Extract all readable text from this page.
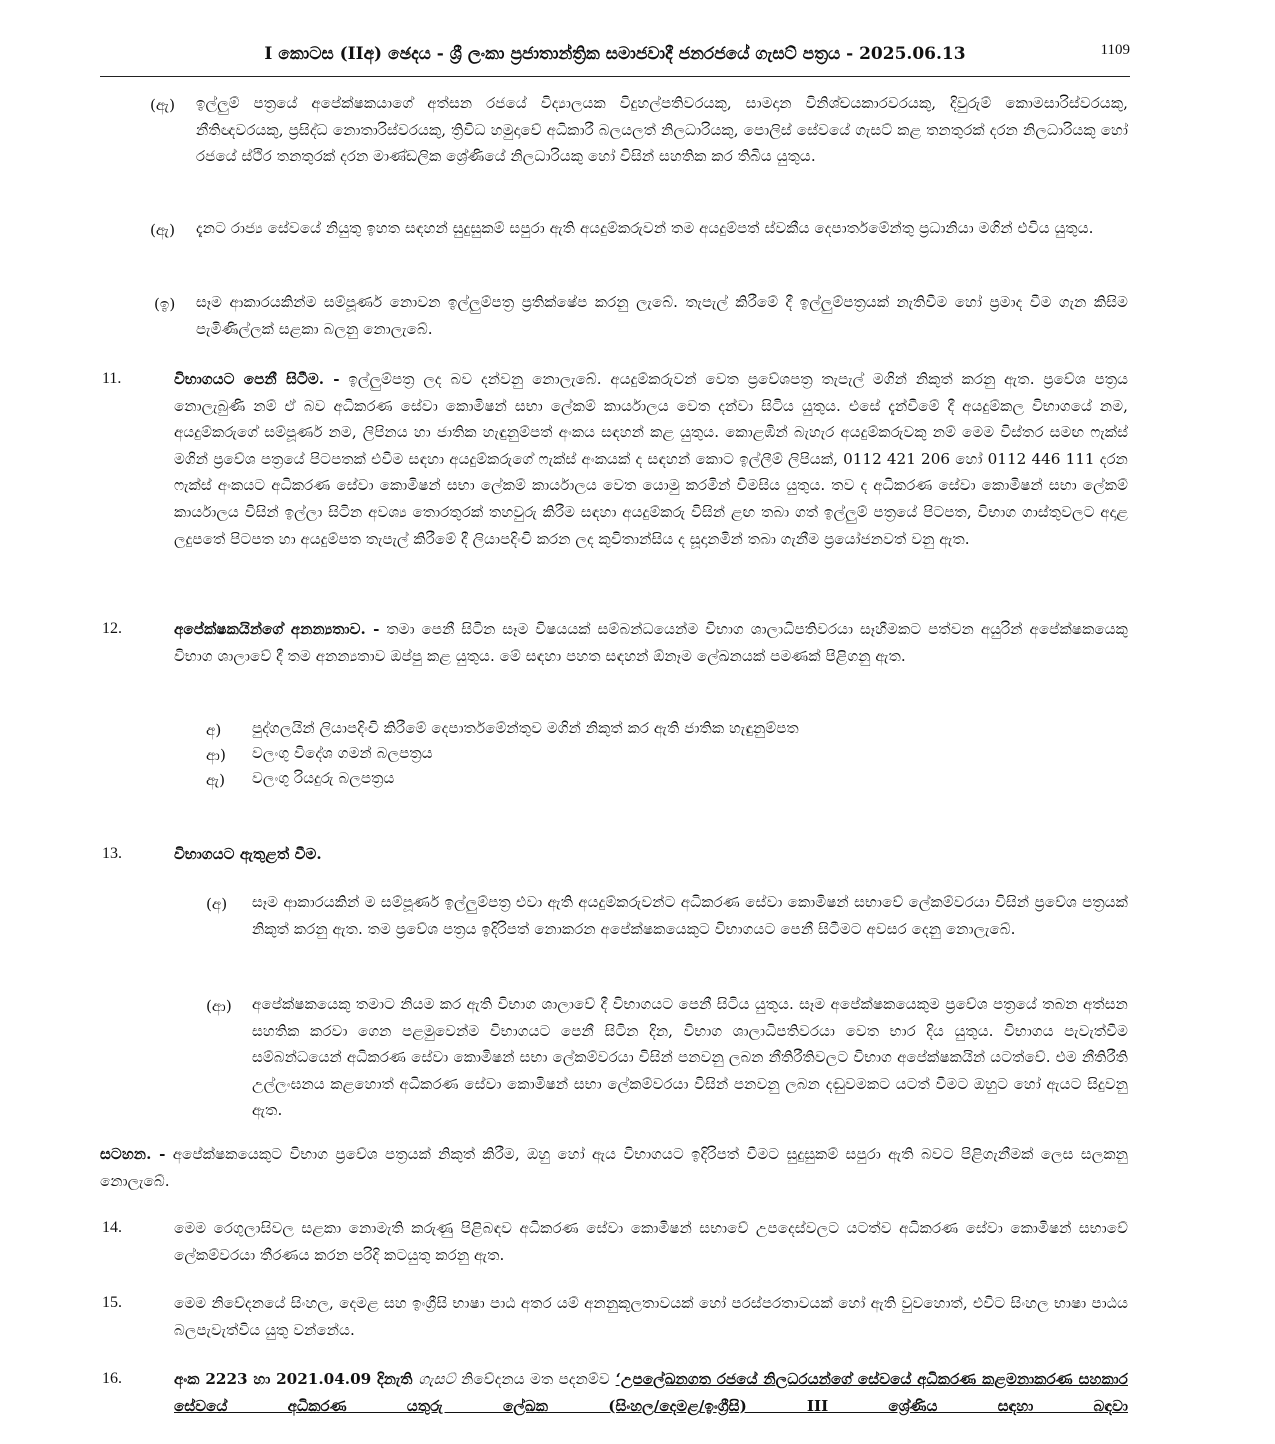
I කොටස (IIඅ) ඡෙදය - ශ්‍රී ලංකා ප්‍රජාතාන්ත්‍රික සමාජවාදී ජනරජයේ ගැසට් පත්‍රය - 2025.06.13	1109
(ඇ) ඉල්ලුම් පත්‍රයේ අපේක්ෂකයාගේ අත්සන රජයේ විද්‍යාලයක විදුහල්පතිවරයකු, සාමදාන විනිශ්චයකාරවරයකු, දිවුරුම් කොමසාරිස්වරයකු, නීතිඥවරයකු, ප්‍රසිද්ධ නොතාරිස්වරයකු, ත්‍රිවිධ හමුදාවේ අධිකාරී බලයලත් නිලධාරියකු, පොලිස් සේවයේ ගැසට් කළ තනතුරක් දරන නිලධාරියකු හෝ රජයේ ස්ථිර තනතුරක් දරන මාණ්ඩලික ශ්‍රේණියේ නිලධාරියකු හෝ විසින් සහතික කර තිබිය යුතුය.
(ඇ) දැනට රාජ්‍ය සේවයේ නියුතු ඉහත සඳහන් සුදුසුකම් සපුරා ඇති අයදුම්කරුවන් තම අයදුම්පත් ස්වකීය දෙපාර්තමේන්තු ප්‍රධානියා මගින් එවිය යුතුය.
(ඉ) සෑම ආකාරයකින්ම සම්පූර්ණ නොවන ඉල්ලුම්පත්‍ර ප්‍රතික්ෂේප කරනු ලැබේ. තැපැල් කිරීමේ දී ඉල්ලුම්පත්‍රයක් නැතිවීම හෝ ප්‍රමාද වීම ගැන කිසිම පැමිණිල්ලක් සළකා බලනු නොලැබේ.
11.	විභාගයට පෙනී සිටීම. - ඉල්ලුම්පත්‍ර ලද බව දන්වනු නොලැබේ. අයදුම්කරුවන් වෙත ප්‍රවේශපත්‍ර තැපැල් මගින් නිකුත් කරනු ඇත. ප්‍රවේශ පත්‍රය නොලැබුණි නම් ඒ බව අධිකරණ සේවා කොමිෂන් සභා ලේකම් කාර්යාලය වෙත දන්වා සිටිය යුතුය. එසේ දැන්වීමේ දී අයදුම්කල විභාගයේ නම, අයදුම්කරුගේ සම්පූර්ණ නම, ලිපිනය හා ජාතික හැඳුනුම්පත් අංකය සඳහන් කළ යුතුය. කොළඹින් බැහැර අයදුම්කරුවකු නම් මෙම විස්තර සමඟ ෆැක්ස් මගින් ප්‍රවේශ පත්‍රයේ පිටපතක් එවීම සඳහා අයදුම්කරුගේ ෆැක්ස් අංකයක් ද සඳහන් කොට ඉල්ලීම් ලිපියක්, 0112 421 206 හෝ 0112 446 111 දරන ෆැක්ස් අංකයට අධිකරණ සේවා කොමිෂන් සභා ලේකම් කාර්යාලය වෙත යොමු කරමින් විමසිය යුතුය. තව ද අධිකරණ සේවා කොමිෂන් සභා ලේකම් කාර්යාලය විසින් ඉල්ලා සිටින අවශ්‍ය තොරතුරක් තහවුරු කිරීම සඳහා අයදුම්කරු විසින් ළඟ තබා ගත් ඉල්ලුම් පත්‍රයේ පිටපත, විභාග ගාස්තුවලට අදාළ ලදුපතේ පිටපත හා අයදුම්පත තැපැල් කිරීමේ දී ලියාපදිංචි කරන ලද කුවිතාන්සිය ද සූදානමින් තබා ගැනීම ප්‍රයෝජනවත් වනු ඇත.
12.	අපේක්ෂකයින්ගේ අනන්‍යතාව. - තමා පෙනී සිටින සෑම විෂයයක් සම්බන්ධයෙන්ම විභාග ශාලාධිපතිවරයා සෑහීමකට පත්වන අයුරින් අපේක්ෂකයෙකු විභාග ශාලාවේ දී තම අනන්‍යතාව ඔප්පු කළ යුතුය. මේ සඳහා පහත සඳහන් ඕනෑම ලේඛනයක් පමණක් පිළිගනු ඇත.
අ) පුද්ගලයින් ලියාපදිංචි කිරීමේ දෙපාර්තමේන්තුව මගින් නිකුත් කර ඇති ජාතික හැඳුනුම්පත
ආ) වලංගු විදේශ ගමන් බලපත්‍රය
ඇ) වලංගු රියදුරු බලපත්‍රය
13.	විභාගයට ඇතුළත් වීම.
(අ) සෑම ආකාරයකින් ම සම්පූර්ණ ඉල්ලුම්පත්‍ර එවා ඇති අයදුම්කරුවන්ට අධිකරණ සේවා කොමිෂන් සභාවේ ලේකම්වරයා විසින් ප්‍රවේශ පත්‍රයක් නිකුත් කරනු ඇත. තම ප්‍රවේශ පත්‍රය ඉදිරිපත් නොකරන අපේක්ෂකයෙකුට විභාගයට පෙනී සිටීමට අවසර දෙනු නොලැබේ.
(ආ) අපේක්ෂකයෙකු තමාට නියම කර ඇති විභාග ශාලාවේ දී විභාගයට පෙනී සිටිය යුතුය. සෑම අපේක්ෂකයෙකුම ප්‍රවේශ පත්‍රයේ තබන අත්සන සහතික කරවා ගෙන පළමුවෙන්ම විභාගයට පෙනී සිටින දින, විභාග ශාලාධිපතිවරයා වෙත භාර දිය යුතුය. විභාගය පැවැත්වීම සම්බන්ධයෙන් අධිකරණ සේවා කොමිෂන් සභා ලේකම්වරයා විසින් පනවනු ලබන නීතිරීතිවලට විභාග අපේක්ෂකයින් යටත්වේ. එම නීතිරීති උල්ලංඝනය කළහොත් අධිකරණ සේවා කොමිෂන් සභා ලේකම්වරයා විසින් පනවනු ලබන දඬුවමකට යටත් වීමට ඔහුට හෝ ඇයට සිදුවනු ඇත.
සටහන. - අපේක්ෂකයෙකුට විභාග ප්‍රවේශ පත්‍රයක් නිකුත් කිරීම, ඔහු හෝ ඇය විභාගයට ඉදිරිපත් වීමට සුදුසුකම් සපුරා ඇති බවට පිළිගැනීමක් ලෙස සලකනු නොලැබේ.
14.	මෙම රෙගුලාසිවල සළකා නොමැති කරුණු පිළිබඳව අධිකරණ සේවා කොමිෂන් සභාවේ උපදෙස්වලට යටත්ව අධිකරණ සේවා කොමිෂන් සභාවේ ලේකම්වරයා තීරණය කරන පරිදි කටයුතු කරනු ඇත.
15.	මෙම නිවේදනයේ සිංහල, දෙමළ සහ ඉංග්‍රීසි භාෂා පාඨ අතර යම් අනනුකූලතාවයක් හෝ පරස්පරතාවයක් හෝ ඇති වුවහොත්, එවිට සිංහල භාෂා පාඨය බලපැවැත්විය යුතු වන්නේය.
16.	අංක 2223 හා 2021.04.09 දිනැති ගැසට් නිවේදනය මත පදනම්ව ‘උපලේඛනගත රජයේ නිලධරයන්ගේ සේවයේ අධිකරණ කළමනාකරණ සහකාර සේවයේ අධිකරණ යතුරු ලේඛක (සිංහල/දෙමළ/ඉංග්‍රීසි) III ශ්‍රේණිය සඳහා බඳවා
